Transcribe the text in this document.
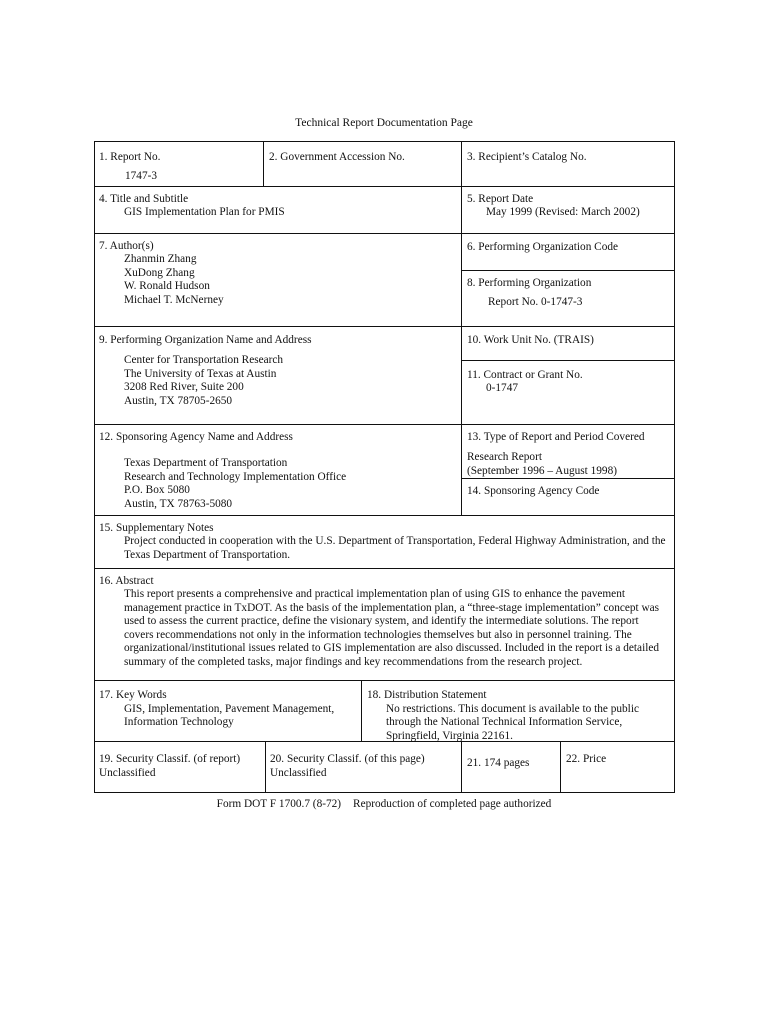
Technical Report Documentation Page
1. Report No.
1747-3
2. Government Accession No.	3. Recipient’s Catalog No.
4. Title and Subtitle
GIS Implementation Plan for PMIS
5. Report Date
May 1999 (Revised: March 2002)
7. Author(s)
Zhanmin Zhang
XuDong Zhang
W. Ronald Hudson
Michael T. McNerney
6. Performing Organization Code
8. Performing Organization
Report No. 0-1747-3
9. Performing Organization Name and Address
Center for Transportation Research
The University of Texas at Austin
3208 Red River, Suite 200
Austin, TX 78705-2650
10. Work Unit No. (TRAIS)
11. Contract or Grant No.
0-1747
12. Sponsoring Agency Name and Address
Texas Department of Transportation
Research and Technology Implementation Office
P.O. Box 5080
Austin, TX 78763-5080
13. Type of Report and Period Covered
Research Report
(September 1996 – August 1998)
14. Sponsoring Agency Code
15. Supplementary Notes
Project conducted in cooperation with the U.S. Department of Transportation, Federal Highway Administration, and the Texas Department of Transportation.
16. Abstract
This report presents a comprehensive and practical implementation plan of using GIS to enhance the pavement management practice in TxDOT. As the basis of the implementation plan, a “three-stage implementation” concept was used to assess the current practice, define the visionary system, and identify the intermediate solutions. The report covers recommendations not only in the information technologies themselves but also in personnel training. The organizational/institutional issues related to GIS implementation are also discussed. Included in the report is a detailed summary of the completed tasks, major findings and key recommendations from the research project.
17. Key Words
GIS, Implementation, Pavement Management,
Information Technology
18. Distribution Statement
No restrictions. This document is available to the public
through the National Technical Information Service,
Springfield, Virginia 22161.
19. Security Classif. (of report)
Unclassified
20. Security Classif. (of this page)
Unclassified
21. 174 pages	22. Price
Form DOT F 1700.7 (8-72) Reproduction of completed page authorized
